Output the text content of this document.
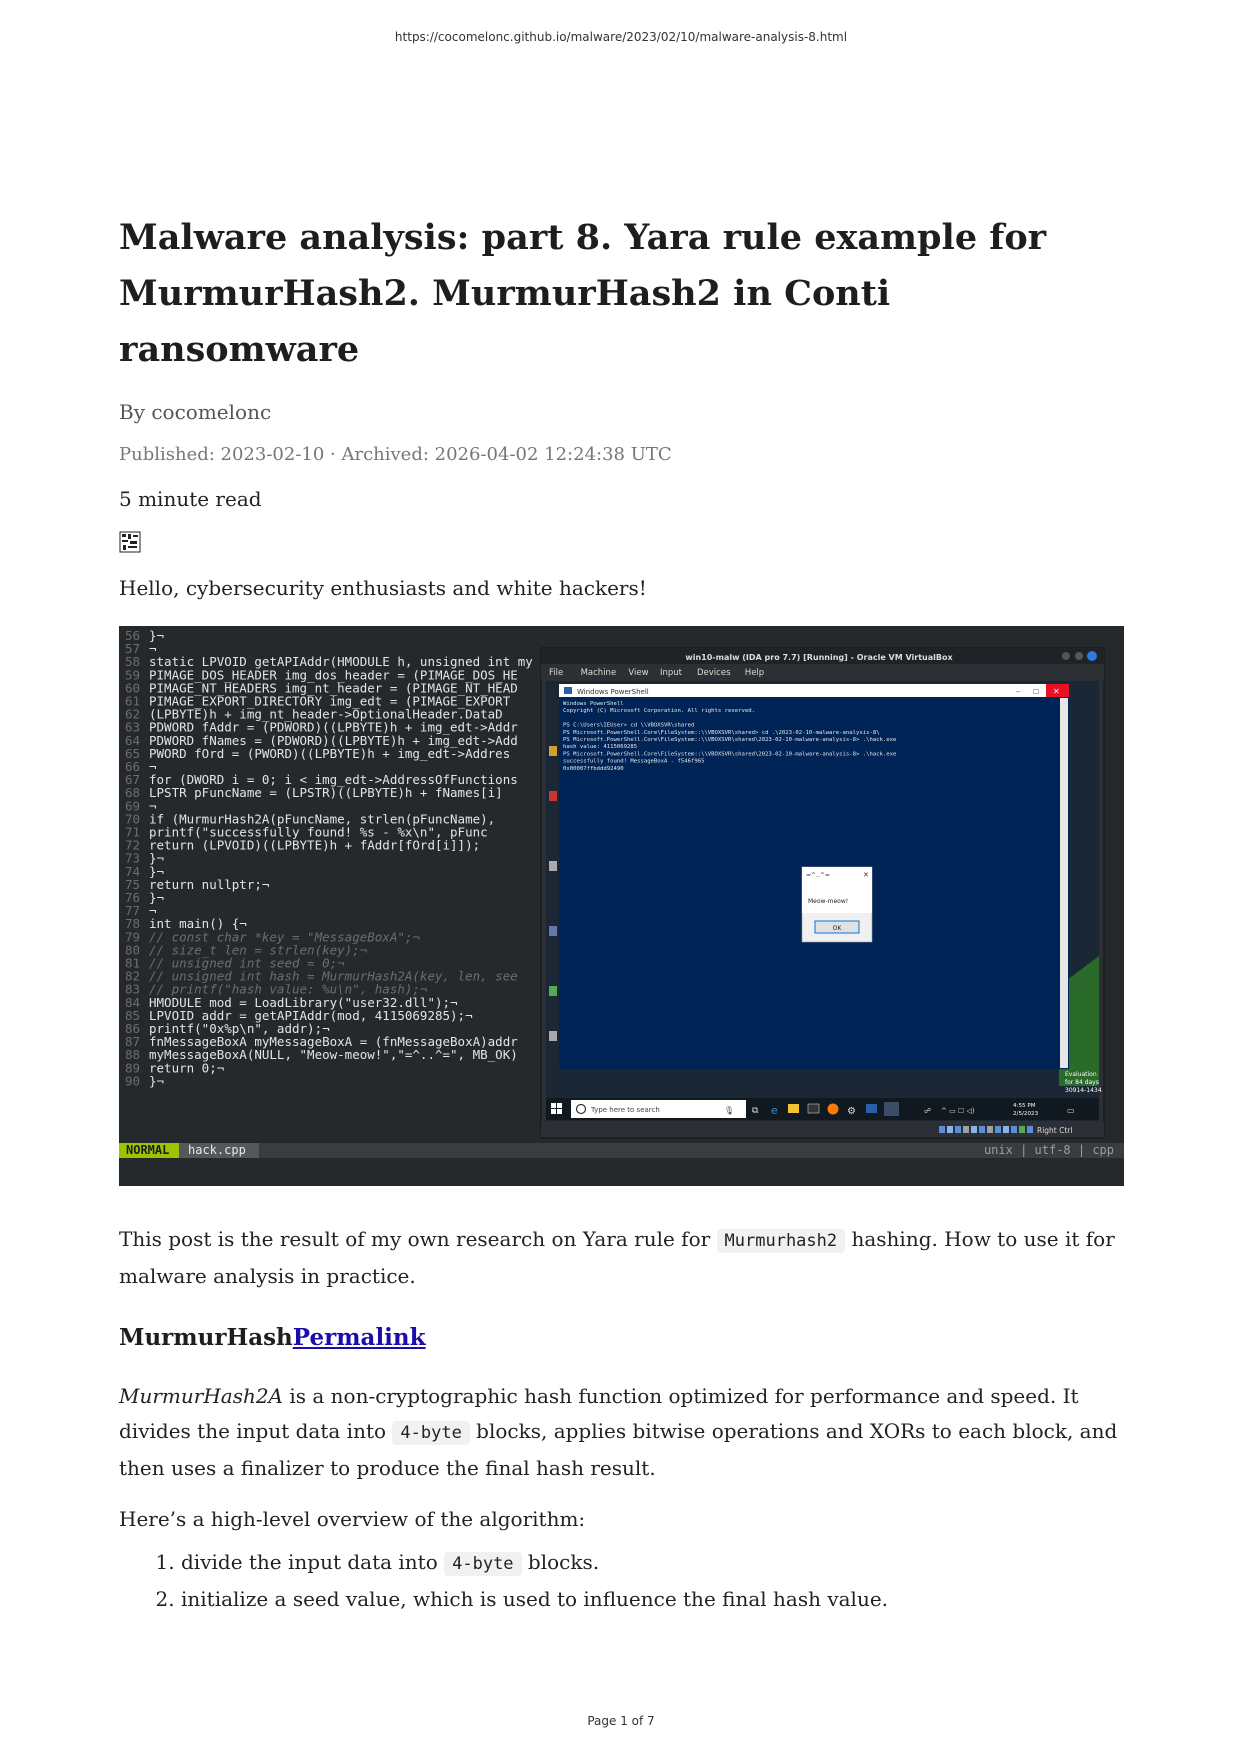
https://cocomelonc.github.io/malware/2023/02/10/malware-analysis-8.html
Malware analysis: part 8. Yara rule example for MurmurHash2. MurmurHash2 in Conti ransomware
By cocomelonc
Published: 2023-02-10 · Archived: 2026-04-02 12:24:38 UTC
5 minute read

Hello, cybersecurity enthusiasts and white hackers!

56 }¬
57 ¬
58 static LPVOID getAPIAddr(HMODULE h, unsigned int my
59 PIMAGE_DOS_HEADER img_dos_header = (PIMAGE_DOS_HE
60 PIMAGE_NT_HEADERS img_nt_header = (PIMAGE_NT_HEAD
61 PIMAGE_EXPORT_DIRECTORY img_edt = (PIMAGE_EXPORT
62 (LPBYTE)h + img_nt_header->OptionalHeader.DataD
63 PDWORD fAddr = (PDWORD)((LPBYTE)h + img_edt->Addr
64 PDWORD fNames = (PDWORD)((LPBYTE)h + img_edt->Add
65 PWORD fOrd = (PWORD)((LPBYTE)h + img_edt->Addres
66 ¬
67 for (DWORD i = 0; i < img_edt->AddressOfFunctions
68 LPSTR pFuncName = (LPSTR)((LPBYTE)h + fNames[i]
69 ¬
70 if (MurmurHash2A(pFuncName, strlen(pFuncName),
71 printf("successfully found! %s - %x\n", pFunc
72 return (LPVOID)((LPBYTE)h + fAddr[fOrd[i]]);
73 }¬
74 }¬
75 return nullptr;¬
76 }¬
77 ¬
78 int main() {¬
79 // const char *key = "MessageBoxA";¬
80 // size_t len = strlen(key);¬
81 // unsigned int seed = 0;¬
82 // unsigned int hash = MurmurHash2A(key, len, see
83 // printf("hash value: %u\n", hash);¬
84 HMODULE mod = LoadLibrary("user32.dll");¬
85 LPVOID addr = getAPIAddr(mod, 4115069285);¬
86 printf("0x%p\n", addr);¬
87 fnMessageBoxA myMessageBoxA = (fnMessageBoxA)addr
88 myMessageBoxA(NULL, "Meow-meow!","=^..^=", MB_OK)
89 return 0;¬
90 }¬
NORMAL hack.cpp	unix | utf-8 | cpp
win10-malw (IDA pro 7.7) [Running] - Oracle VM VirtualBox
File Machine View Input Devices Help
Windows PowerShell	– ☐ ✕
Windows PowerShell
Copyright (C) Microsoft Corporation. All rights reserved.
PS C:\Users\IEUser> cd \\VBOXSVR\shared
PS Microsoft.PowerShell.Core\FileSystem::\\VBOXSVR\shared> cd .\2023-02-10-malware-analysis-8\
PS Microsoft.PowerShell.Core\FileSystem::\\VBOXSVR\shared\2023-02-10-malware-analysis-8> .\hack.exe
hash value: 4115069285
PS Microsoft.PowerShell.Core\FileSystem::\\VBOXSVR\shared\2023-02-10-malware-analysis-8> .\hack.exe
successfully found! MessageBoxA - f546f965
0x00007ffbddd92490
=^..^=	✕
Meow-meow!
OK
Evaluation
for 84 days
30914-1434
Type here to search	🎙 ⧉ e	⚙	☍ ^ ▭ ☐ ◁)
4:55 PM
2/5/2023	▭
Right Ctrl

This post is the result of my own research on Yara rule for Murmurhash2 hashing. How to use it for malware analysis in practice.

MurmurHashPermalink

MurmurHash2A is a non-cryptographic hash function optimized for performance and speed. It divides the input data into 4-byte blocks, applies bitwise operations and XORs to each block, and then uses a finalizer to produce the final hash result.

Here’s a high-level overview of the algorithm:

1. divide the input data into 4-byte blocks.
2. initialize a seed value, which is used to influence the final hash value.
Page 1 of 7
